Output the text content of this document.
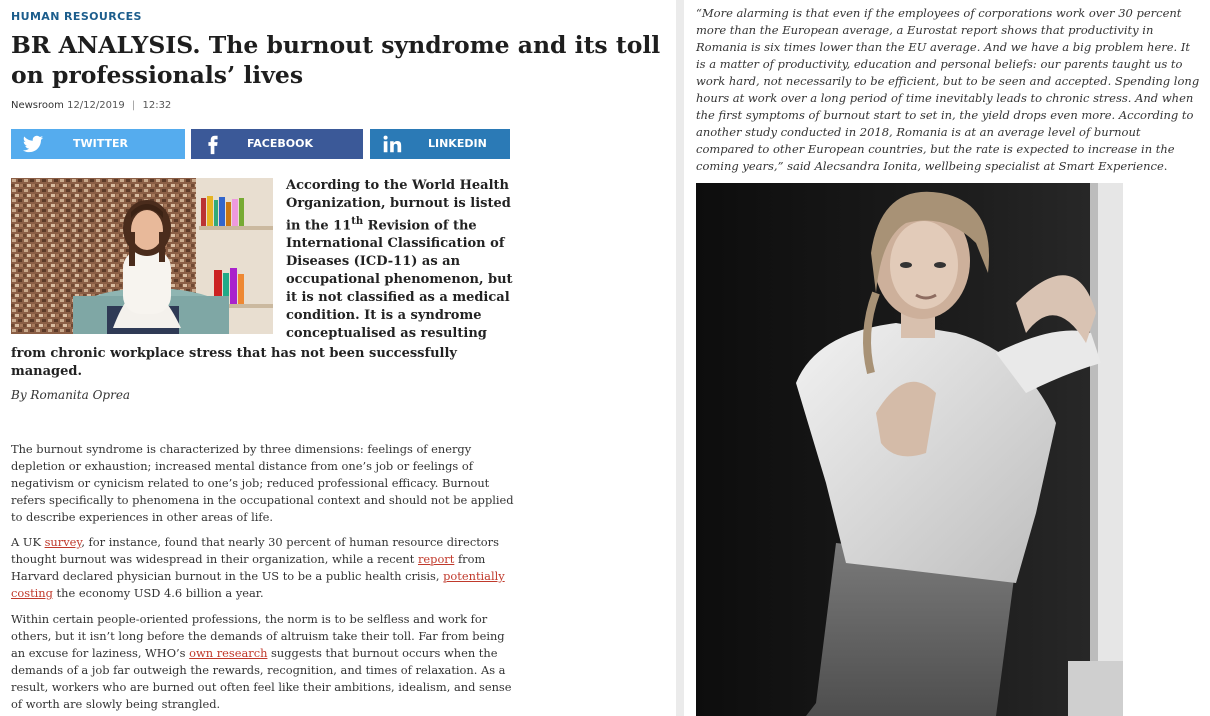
HUMAN RESOURCES
BR ANALYSIS. The burnout syndrome and its toll on professionals’ lives
Newsroom 12/12/2019 | 12:32
TWITTER	FACEBOOK	LINKEDIN

According to the World Health Organization, burnout is listed in the 11th Revision of the International Classification of Diseases (ICD-11) as an occupational phenomenon, but it is not classified as a medical condition. It is a syndrome conceptualised as resulting

from chronic workplace stress that has not been successfully managed.

By Romanita Oprea

The burnout syndrome is characterized by three dimensions: feelings of energy depletion or exhaustion; increased mental distance from one’s job or feelings of negativism or cynicism related to one’s job; reduced professional efficacy. Burnout refers specifically to phenomena in the occupational context and should not be applied to describe experiences in other areas of life.

A UK survey, for instance, found that nearly 30 percent of human resource directors thought burnout was widespread in their organization, while a recent report from Harvard declared physician burnout in the US to be a public health crisis, potentially costing the economy USD 4.6 billion a year.

Within certain people-oriented professions, the norm is to be selfless and work for others, but it isn’t long before the demands of altruism take their toll. Far from being an excuse for laziness, WHO’s own research suggests that burnout occurs when the demands of a job far outweigh the rewards, recognition, and times of relaxation. As a result, workers who are burned out often feel like their ambitions, idealism, and sense of worth are slowly being strangled.

“More alarming is that even if the employees of corporations work over 30 percent more than the European average, a Eurostat report shows that productivity in Romania is six times lower than the EU average. And we have a big problem here. It is a matter of productivity, education and personal beliefs: our parents taught us to work hard, not necessarily to be efficient, but to be seen and accepted. Spending long hours at work over a long period of time inevitably leads to chronic stress. And when the first symptoms of burnout start to set in, the yield drops even more. According to another study conducted in 2018, Romania is at an average level of burnout compared to other European countries, but the rate is expected to increase in the coming years,” said Alecsandra Ionita, wellbeing specialist at Smart Experience.
